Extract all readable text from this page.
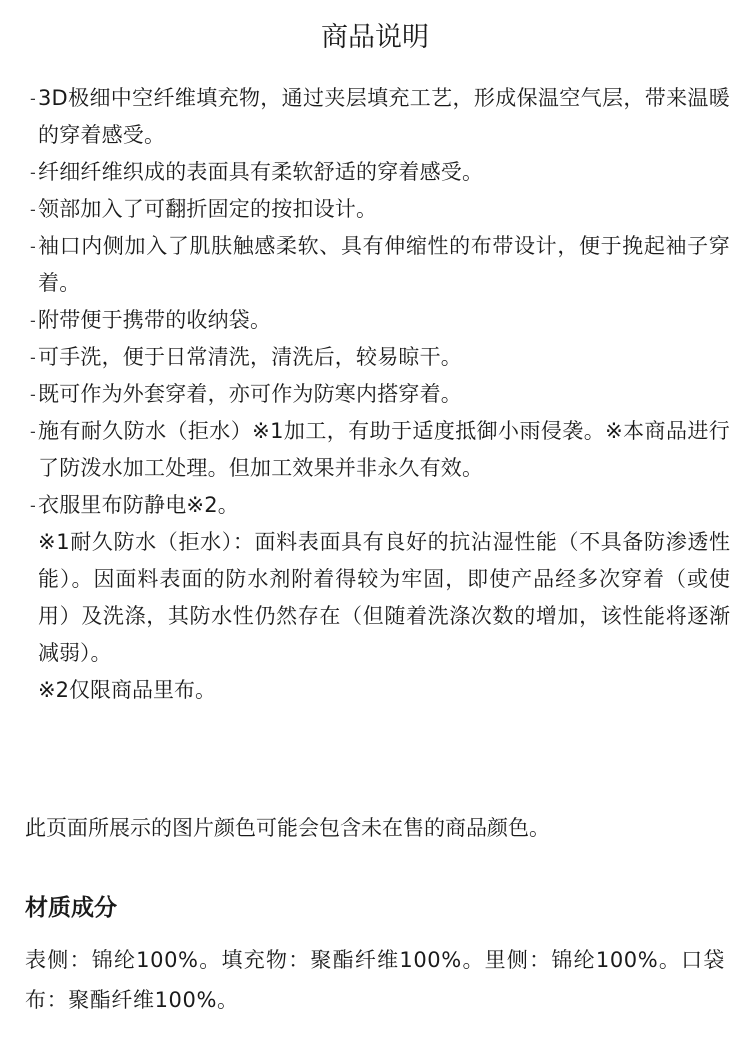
商品说明
- 3D极细中空纤维填充物，通过夹层填充工艺，形成保温空气层，带来温暖的穿着感受。
- 纤细纤维织成的表面具有柔软舒适的穿着感受。
- 领部加入了可翻折固定的按扣设计。
- 袖口内侧加入了肌肤触感柔软、具有伸缩性的布带设计，便于挽起袖子穿着。
- 附带便于携带的收纳袋。
- 可手洗，便于日常清洗，清洗后，较易晾干。
- 既可作为外套穿着，亦可作为防寒内搭穿着。
- 施有耐久防水（拒水）※1加工，有助于适度抵御小雨侵袭。※本商品进行了防泼水加工处理。但加工效果并非永久有效。
- 衣服里布防静电※2。
※1耐久防水（拒水）：面料表面具有良好的抗沾湿性能（不具备防渗透性能）。因面料表面的防水剂附着得较为牢固，即使产品经多次穿着（或使用）及洗涤，其防水性仍然存在（但随着洗涤次数的增加，该性能将逐渐减弱）。
※2仅限商品里布。
此页面所展示的图片颜色可能会包含未在售的商品颜色。
材质成分
表侧：锦纶100%。填充物：聚酯纤维100%。里侧：锦纶100%。口袋布：聚酯纤维100%。
